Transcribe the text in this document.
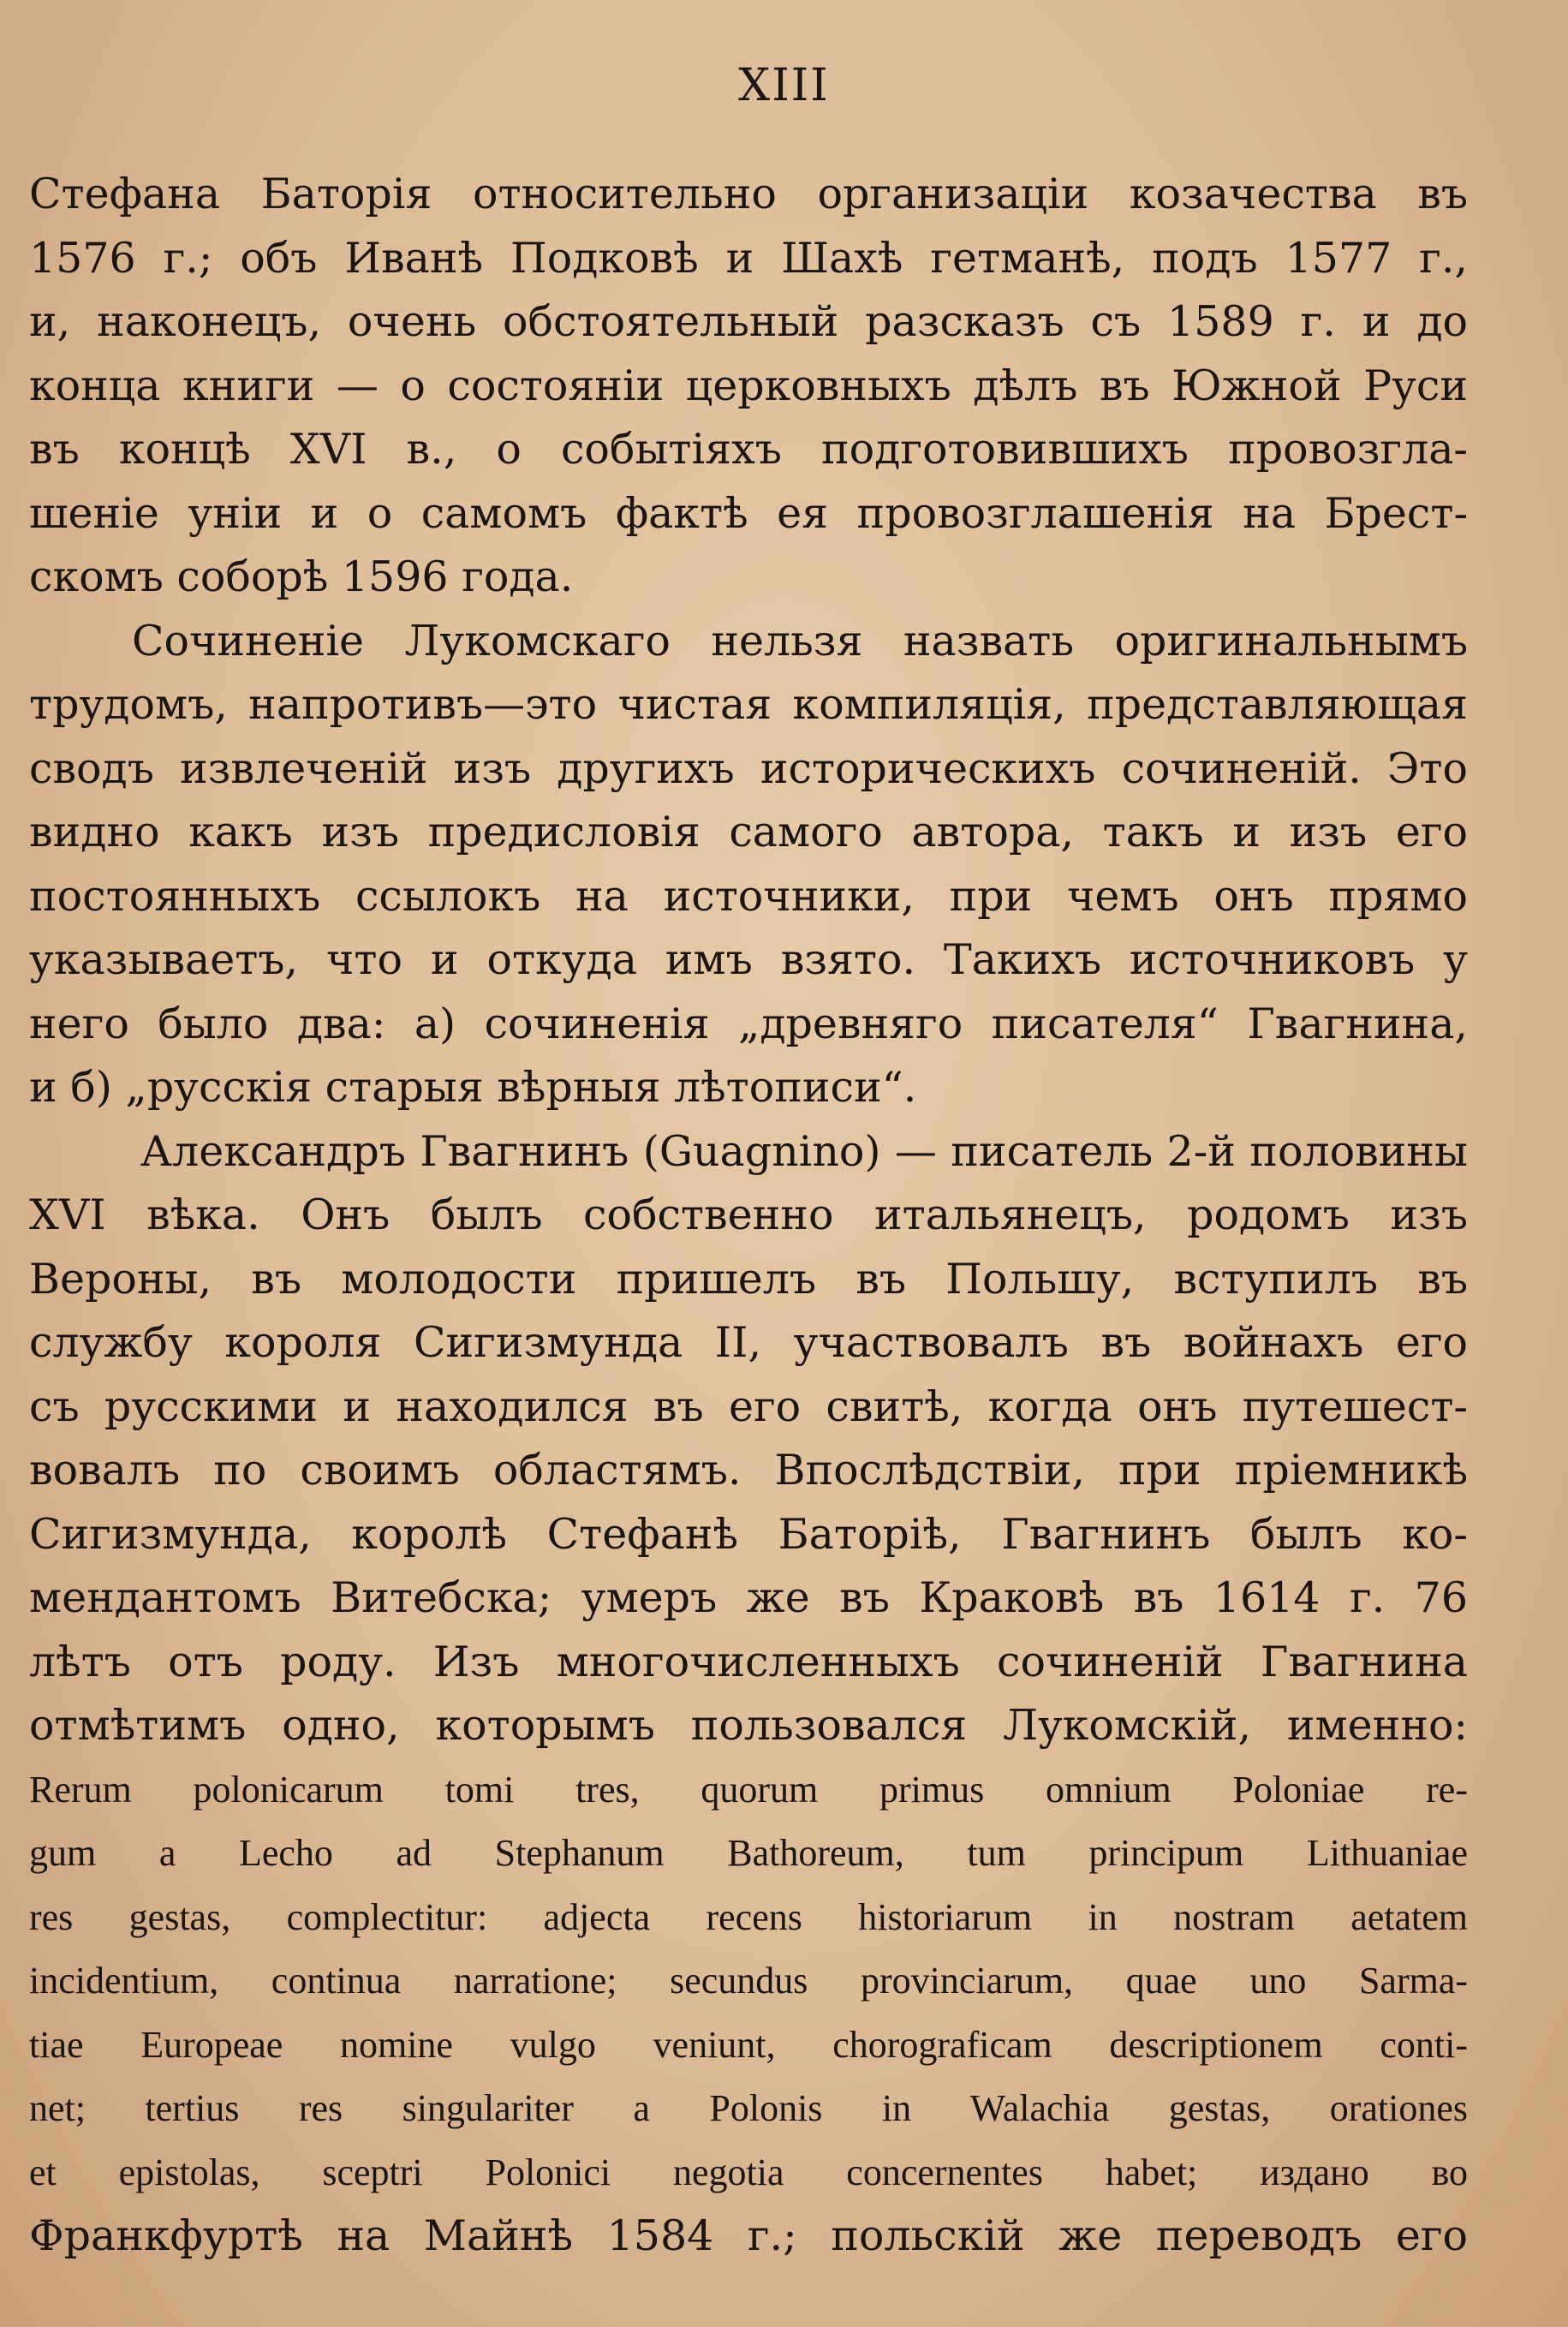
XIII
Стефана Баторія относительно организаціи козачества въ
1576 г.; объ Иванѣ Подковѣ и Шахѣ гетманѣ, подъ 1577 г.,
и, наконецъ, очень обстоятельный разсказъ съ 1589 г. и до
конца книги — о состояніи церковныхъ дѣлъ въ Южной Руси
въ концѣ XVI в., о событіяхъ подготовившихъ провозгла-
шеніе уніи и о самомъ фактѣ ея провозглашенія на Брест-
скомъ соборѣ 1596 года.
Сочиненіе Лукомскаго нельзя назвать оригинальнымъ
трудомъ, напротивъ—это чистая компиляція, представляющая
сводъ извлеченій изъ другихъ историческихъ сочиненій. Это
видно какъ изъ предисловія самого автора, такъ и изъ его
постоянныхъ ссылокъ на источники, при чемъ онъ прямо
указываетъ, что и откуда имъ взято. Такихъ источниковъ у
него было два: а) сочиненія „древняго писателя“ Гвагнина,
и б) „русскія старыя вѣрныя лѣтописи“.
Александръ Гвагнинъ (Guagnino) — писатель 2-й половины
XVI вѣка. Онъ былъ собственно итальянецъ, родомъ изъ
Вероны, въ молодости пришелъ въ Польшу, вступилъ въ
службу короля Сигизмунда II, участвовалъ въ войнахъ его
съ русскими и находился въ его свитѣ, когда онъ путешест-
вовалъ по своимъ областямъ. Впослѣдствіи, при пріемникѣ
Сигизмунда, королѣ Стефанѣ Баторіѣ, Гвагнинъ былъ ко-
мендантомъ Витебска; умеръ же въ Краковѣ въ 1614 г. 76
лѣтъ отъ роду. Изъ многочисленныхъ сочиненій Гвагнина
отмѣтимъ одно, которымъ пользовался Лукомскій, именно:
Rerum polonicarum tomi tres, quorum primus omnium Poloniae re-
gum a Lecho ad Stephanum Bathoreum, tum principum Lithuaniae
res gestas, complectitur: adjecta recens historiarum in nostram aetatem
incidentium, continua narratione; secundus provinciarum, quae uno Sarma-
tiae Europeae nomine vulgo veniunt, chorograficam descriptionem conti-
net; tertius res singulariter a Polonis in Walachia gestas, orationes
et epistolas, sceptri Polonici negotia concernentes habet; издано во
Франкфуртѣ на Майнѣ 1584 г.; польскій же переводъ его
